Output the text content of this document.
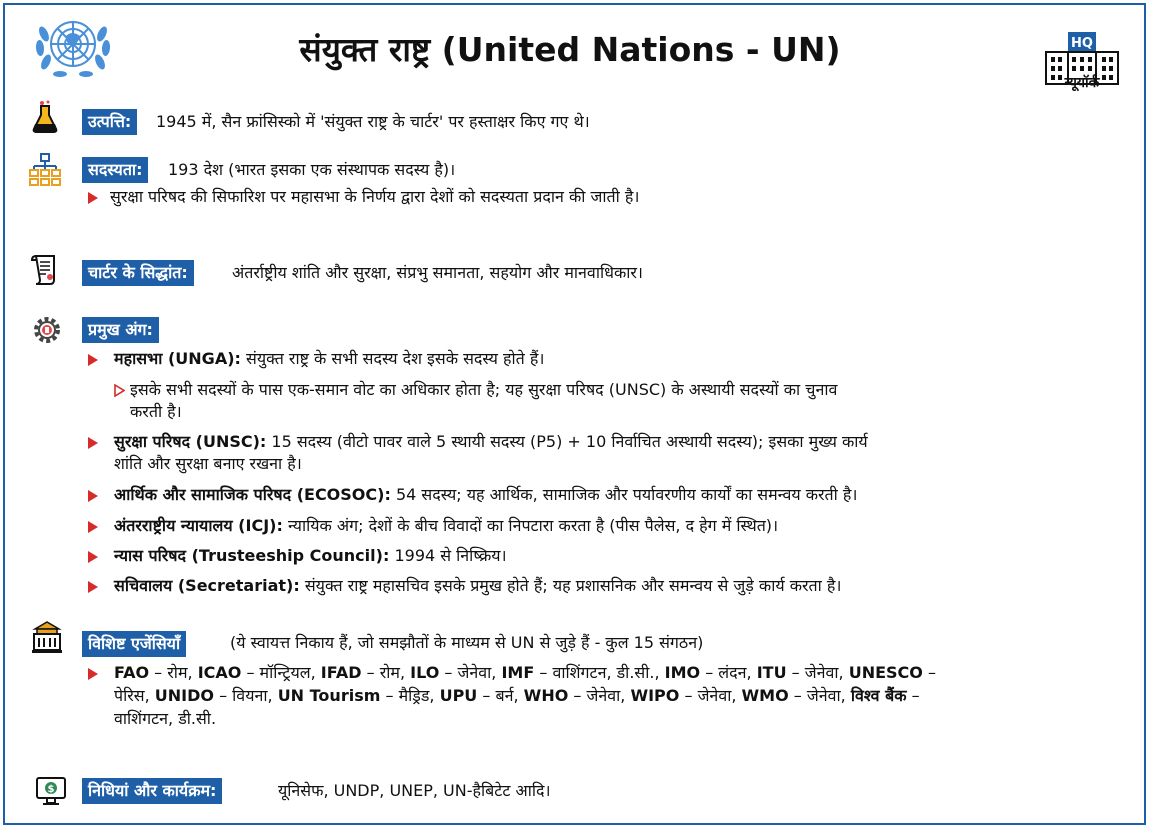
संयुक्त राष्ट्र (United Nations - UN)	HQ
न्यूयॉर्क
उत्पत्ति:	1945 में, सैन फ्रांसिस्को में 'संयुक्त राष्ट्र के चार्टर' पर हस्ताक्षर किए गए थे।
सदस्यता:	193 देश (भारत इसका एक संस्थापक सदस्य है)।
सुरक्षा परिषद की सिफारिश पर महासभा के निर्णय द्वारा देशों को सदस्यता प्रदान की जाती है।
चार्टर के सिद्धांत:	अंतर्राष्ट्रीय शांति और सुरक्षा, संप्रभु समानता, सहयोग और मानवाधिकार।
प्रमुख अंग:
महासभा (UNGA): संयुक्त राष्ट्र के सभी सदस्य देश इसके सदस्य होते हैं।
इसके सभी सदस्यों के पास एक-समान वोट का अधिकार होता है; यह सुरक्षा परिषद (UNSC) के अस्थायी सदस्यों का चुनाव
करती है।
सुरक्षा परिषद (UNSC): 15 सदस्य (वीटो पावर वाले 5 स्थायी सदस्य (P5) + 10 निर्वाचित अस्थायी सदस्य); इसका मुख्य कार्य
शांति और सुरक्षा बनाए रखना है।
आर्थिक और सामाजिक परिषद (ECOSOC): 54 सदस्य; यह आर्थिक, सामाजिक और पर्यावरणीय कार्यों का समन्वय करती है।
अंतरराष्ट्रीय न्यायालय (ICJ): न्यायिक अंग; देशों के बीच विवादों का निपटारा करता है (पीस पैलेस, द हेग में स्थित)।
न्यास परिषद (Trusteeship Council): 1994 से निष्क्रिय।
सचिवालय (Secretariat): संयुक्त राष्ट्र महासचिव इसके प्रमुख होते हैं; यह प्रशासनिक और समन्वय से जुड़े कार्य करता है।
विशिष्ट एजेंसियाँ	(ये स्वायत्त निकाय हैं, जो समझौतों के माध्यम से UN से जुड़े हैं - कुल 15 संगठन)
FAO – रोम, ICAO – मॉन्ट्रियल, IFAD – रोम, ILO – जेनेवा, IMF – वाशिंगटन, डी.सी., IMO – लंदन, ITU – जेनेवा, UNESCO –
पेरिस, UNIDO – वियना, UN Tourism – मैड्रिड, UPU – बर्न, WHO – जेनेवा, WIPO – जेनेवा, WMO – जेनेवा, विश्व बैंक –
वाशिंगटन, डी.सी.
$	निधियां और कार्यक्रम:	यूनिसेफ, UNDP, UNEP, UN-हैबिटेट आदि।
